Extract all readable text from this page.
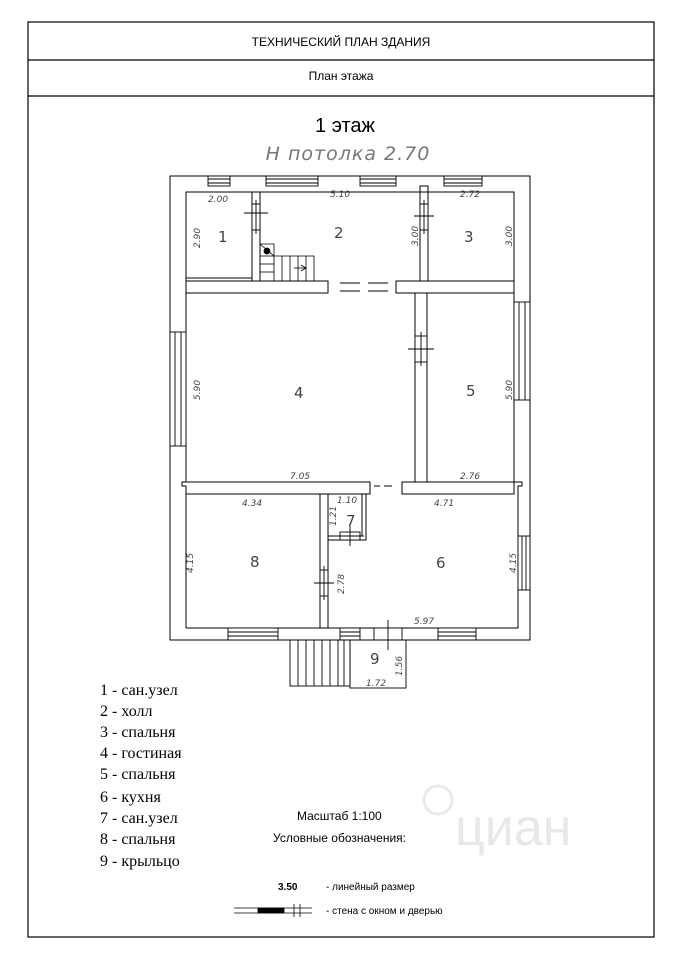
циан
ТЕХНИЧЕСКИЙ ПЛАН ЗДАНИЯ
План этажа
1 этаж
Н потолка 2.70
1	2	3
4	5
6
7
8
9
2.00	5.10	2.72
2.90	3.00	3.00
5.90	5.90
7.05	2.76
4.34	1.10	4.71
1.21
4.15
2.78
4.15
5.97
1.56
1.72
1 - сан.узел
2 - холл
3 - спальня
4 - гостиная
5 - спальня
6 - кухня
7 - сан.узел
8 - спальня
9 - крыльцо
Масштаб 1:100
Условные обозначения:
3.50	- линейный размер
- стена с окном и дверью
